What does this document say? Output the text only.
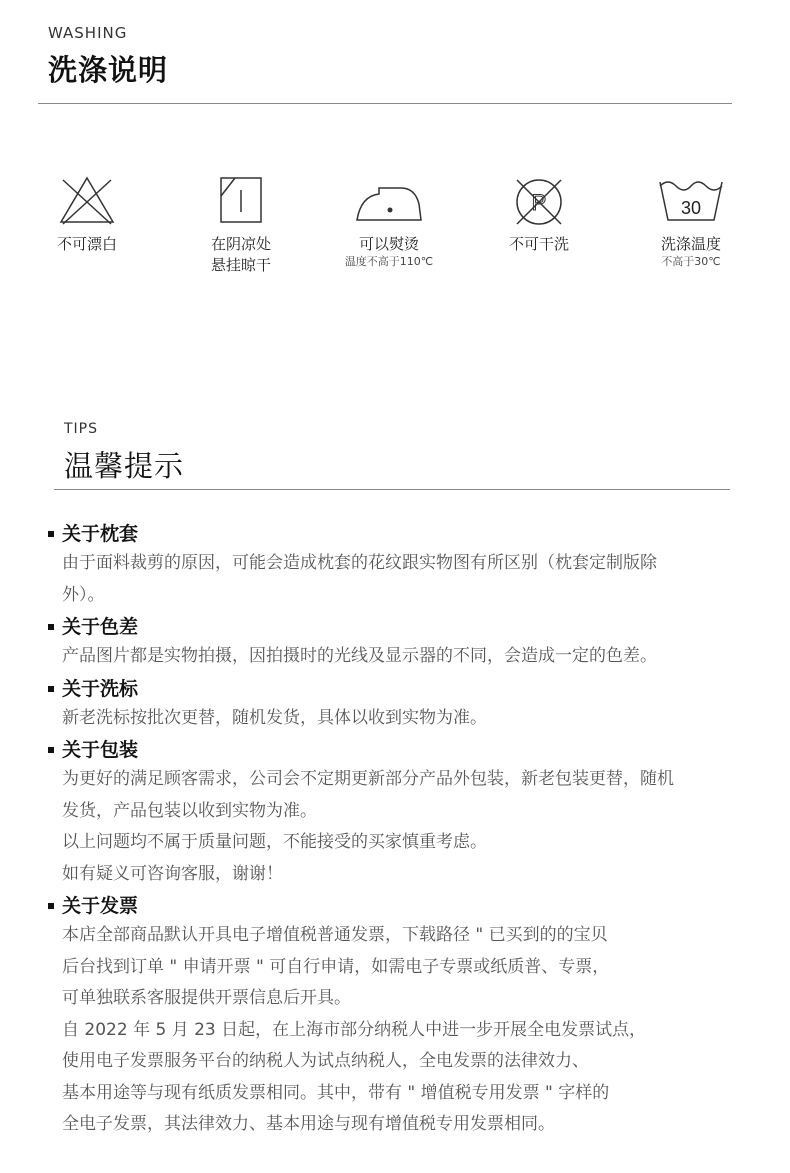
WASHING
洗涤说明
不可漂白	在阴凉处
悬挂晾干
可以熨烫
温度不高于110℃
P
不可干洗
30
洗涤温度
不高于30℃
TIPS
温馨提示
关于枕套
由于面料裁剪的原因，可能会造成枕套的花纹跟实物图有所区别（枕套定制版除
外）。
关于色差
产品图片都是实物拍摄，因拍摄时的光线及显示器的不同，会造成一定的色差。
关于洗标
新老洗标按批次更替，随机发货，具体以收到实物为准。
关于包装
为更好的满足顾客需求，公司会不定期更新部分产品外包装，新老包装更替，随机
发货，产品包装以收到实物为准。
以上问题均不属于质量问题，不能接受的买家慎重考虑。
如有疑义可咨询客服，谢谢！
关于发票
本店全部商品默认开具电子增值税普通发票，下载路径 " 已买到的的宝贝
后台找到订单 " 申请开票 " 可自行申请，如需电子专票或纸质普、专票，
可单独联系客服提供开票信息后开具。
自 2022 年 5 月 23 日起，在上海市部分纳税人中进一步开展全电发票试点，
使用电子发票服务平台的纳税人为试点纳税人，全电发票的法律效力、
基本用途等与现有纸质发票相同。其中，带有 " 增值税专用发票 " 字样的
全电子发票，其法律效力、基本用途与现有增值税专用发票相同。
